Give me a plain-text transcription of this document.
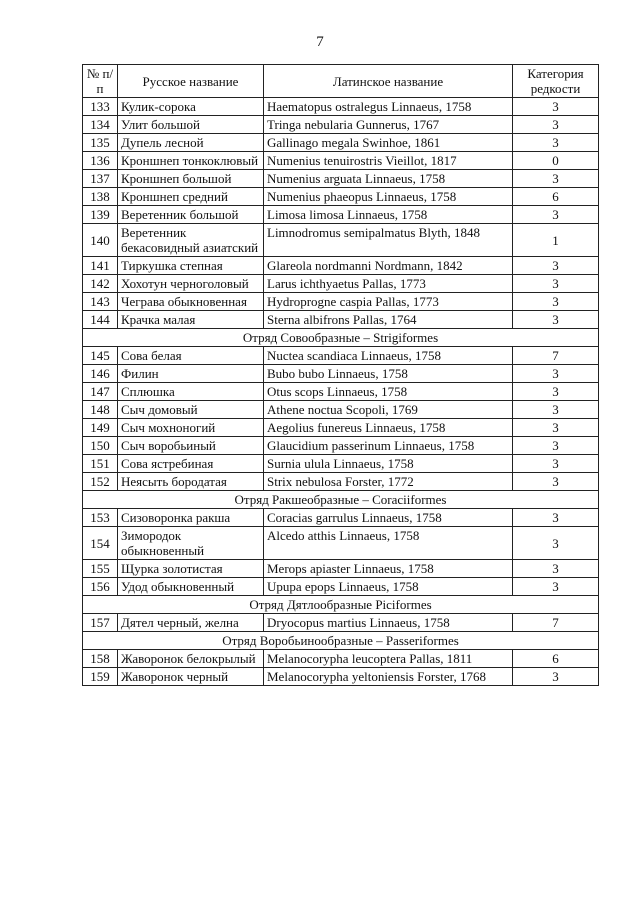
7
№ п/п	Русское название	Латинское название	Категория редкости
133	Кулик-сорока	Haematopus ostralegus Linnaeus, 1758	3
134	Улит большой	Tringa nebularia Gunnerus, 1767	3
135	Дупель лесной	Gallinago megala Swinhoe, 1861	3
136	Кроншнеп тонкоклювый	Numenius tenuirostris Vieillot, 1817	0
137	Кроншнеп большой	Numenius arguata Linnaeus, 1758	3
138	Кроншнеп средний	Numenius phaeopus Linnaeus, 1758	6
139	Веретенник большой	Limosa limosa Linnaeus, 1758	3
140	Веретенник бекасовидный азиатский	Limnodromus semipalmatus Blyth, 1848	1
141	Тиркушка степная	Glareola nordmanni Nordmann, 1842	3
142	Хохотун черноголовый	Larus ichthyaetus Pallas, 1773	3
143	Чеграва обыкновенная	Hydroprogne caspia Pallas, 1773	3
144	Крачка малая	Sterna albifrons Pallas, 1764	3
Отряд Совообразные – Strigiformes			
145	Сова белая	Nuctea scandiaca Linnaeus, 1758	7
146	Филин	Bubo bubo Linnaeus, 1758	3
147	Сплюшка	Otus scops Linnaeus, 1758	3
148	Сыч домовый	Athene noctua Scopoli, 1769	3
149	Сыч мохноногий	Aegolius funereus Linnaeus, 1758	3
150	Сыч воробьиный	Glaucidium passerinum Linnaeus, 1758	3
151	Сова ястребиная	Surnia ulula Linnaeus, 1758	3
152	Неясыть бородатая	Strix nebulosa Forster, 1772	3
Отряд Ракшеобразные – Coraciiformes			
153	Сизоворонка ракша	Coracias garrulus Linnaeus, 1758	3
154	Зимородок обыкновенный	Alcedo atthis Linnaeus, 1758	3
155	Щурка золотистая	Merops apiaster Linnaeus, 1758	3
156	Удод обыкновенный	Upupa epops Linnaeus, 1758	3
Отряд Дятлообразные Piciformes			
157	Дятел черный, желна	Dryocopus martius Linnaeus, 1758	7
Отряд Воробьинообразные – Passeriformes			
158	Жаворонок белокрылый	Melanocorypha leucoptera Pallas, 1811	6
159	Жаворонок черный	Melanocorypha yeltoniensis Forster, 1768	3
